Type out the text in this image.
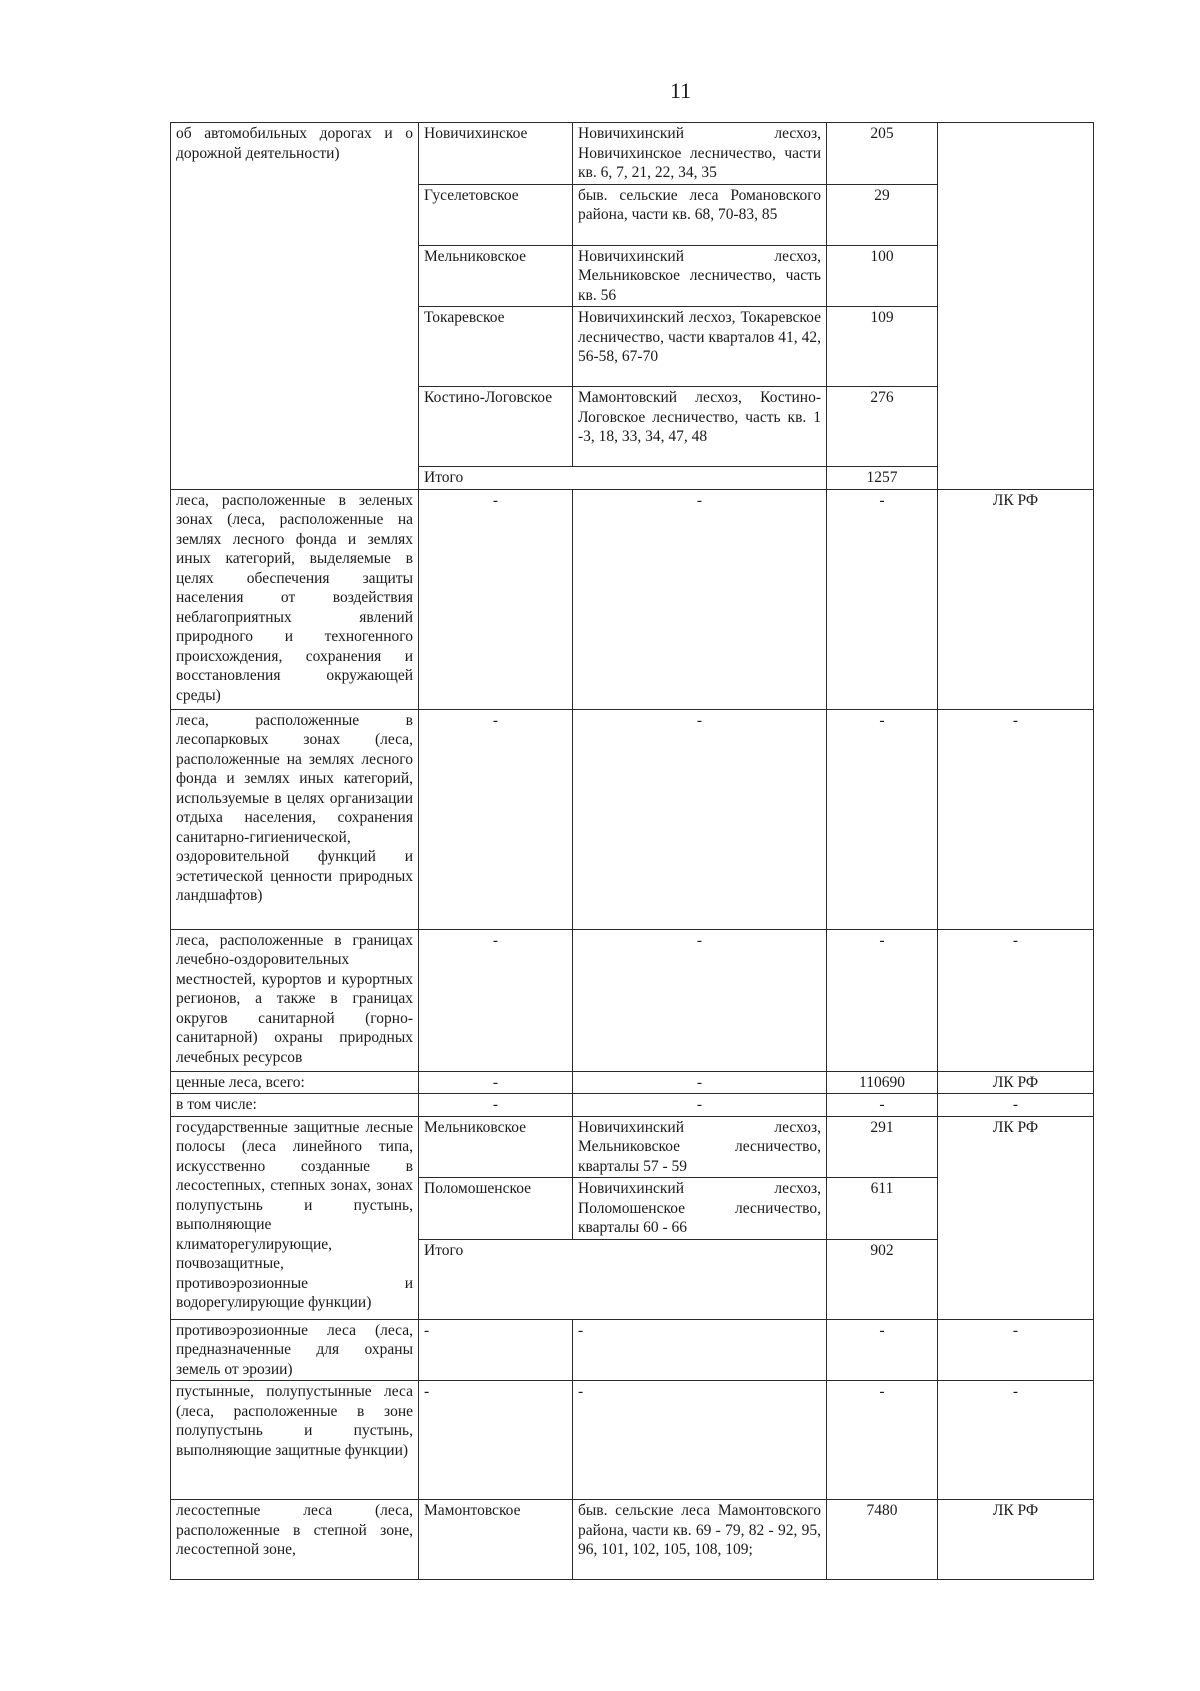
11
об автомобильных дорогах и о дорожной деятельности)	Новичихинское	Новичихинский лесхоз, Новичихинское лесничество, части кв. 6, 7, 21, 22, 34, 35	205	
	Гуселетовское	быв. сельские леса Романовского района, части кв. 68, 70-83, 85	29	
	Мельниковское	Новичихинский лесхоз, Мельниковское лесничество, часть кв. 56	100	
	Токаревское	Новичихинский лесхоз, Токаревское лесничество, части кварталов 41, 42, 56-58, 67-70	109	
	Костино-Логовское	Мамонтовский лесхоз, Костино-Логовское лесничество, часть кв. 1 -3, 18, 33, 34, 47, 48	276	
	Итого		1257	
леса, расположенные в зеленых зонах (леса, расположенные на землях лесного фонда и землях иных категорий, выделяемые в целях обеспечения защиты населения от воздействия неблагоприятных явлений природного и техногенного происхождения, сохранения и восстановления окружающей среды)	-	-	-	ЛК РФ
леса, расположенные в лесопарковых зонах (леса, расположенные на землях лесного фонда и землях иных категорий, используемые в целях организации отдыха населения, сохранения санитарно-гигиенической, оздоровительной функций и эстетической ценности природных ландшафтов)	-	-	-	-
леса, расположенные в границах лечебно-оздоровительных местностей, курортов и курортных регионов, а также в границах округов санитарной (горно-санитарной) охраны природных лечебных ресурсов	-	-	-	-
ценные леса, всего:	-	-	110690	ЛК РФ
в том числе:	-	-	-	-
государственные защитные лесные полосы (леса линейного типа, искусственно созданные в лесостепных, степных зонах, зонах полупустынь и пустынь, выполняющие климаторегулирующие, почвозащитные, противоэрозионные и водорегулирующие функции)	Мельниковское	Новичихинский лесхоз, Мельниковское лесничество, кварталы 57 - 59	291	ЛК РФ
	Поломошенское	Новичихинский лесхоз, Поломошенское лесничество, кварталы 60 - 66	611	
	Итого		902	
противоэрозионные леса (леса, предназначенные для охраны земель от эрозии)	-	-	-	-
пустынные, полупустынные леса (леса, расположенные в зоне полупустынь и пустынь, выполняющие защитные функции)	-	-	-	-
лесостепные леса (леса, расположенные в степной зоне, лесостепной зоне,	Мамонтовское	быв. сельские леса Мамонтовского района, части кв. 69 - 79, 82 - 92, 95, 96, 101, 102, 105, 108, 109;	7480	ЛК РФ
